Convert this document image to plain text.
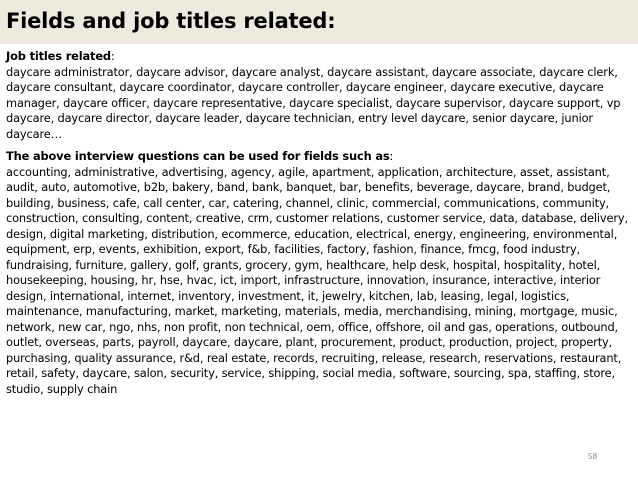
Fields and job titles related:

Job titles related:
daycare administrator, daycare advisor, daycare analyst, daycare assistant, daycare associate, daycare clerk, daycare consultant, daycare coordinator, daycare controller, daycare engineer, daycare executive, daycare manager, daycare officer, daycare representative, daycare specialist, daycare supervisor, daycare support, vp daycare, daycare director, daycare leader, daycare technician, entry level daycare, senior daycare, junior daycare…

The above interview questions can be used for fields such as:
accounting, administrative, advertising, agency, agile, apartment, application, architecture, asset, assistant, audit, auto, automotive, b2b, bakery, band, bank, banquet, bar, benefits, beverage, daycare, brand, budget, building, business, cafe, call center, car, catering, channel, clinic, commercial, communications, community, construction, consulting, content, creative, crm, customer relations, customer service, data, database, delivery, design, digital marketing, distribution, ecommerce, education, electrical, energy, engineering, environmental, equipment, erp, events, exhibition, export, f&b, facilities, factory, fashion, finance, fmcg, food industry, fundraising, furniture, gallery, golf, grants, grocery, gym, healthcare, help desk, hospital, hospitality, hotel, housekeeping, housing, hr, hse, hvac, ict, import, infrastructure, innovation, insurance, interactive, interior design, international, internet, inventory, investment, it, jewelry, kitchen, lab, leasing, legal, logistics, maintenance, manufacturing, market, marketing, materials, media, merchandising, mining, mortgage, music, network, new car, ngo, nhs, non profit, non technical, oem, office, offshore, oil and gas, operations, outbound, outlet, overseas, parts, payroll, daycare, daycare, plant, procurement, product, production, project, property, purchasing, quality assurance, r&d, real estate, records, recruiting, release, research, reservations, restaurant, retail, safety, daycare, salon, security, service, shipping, social media, software, sourcing, spa, staffing, store, studio, supply chain

58
